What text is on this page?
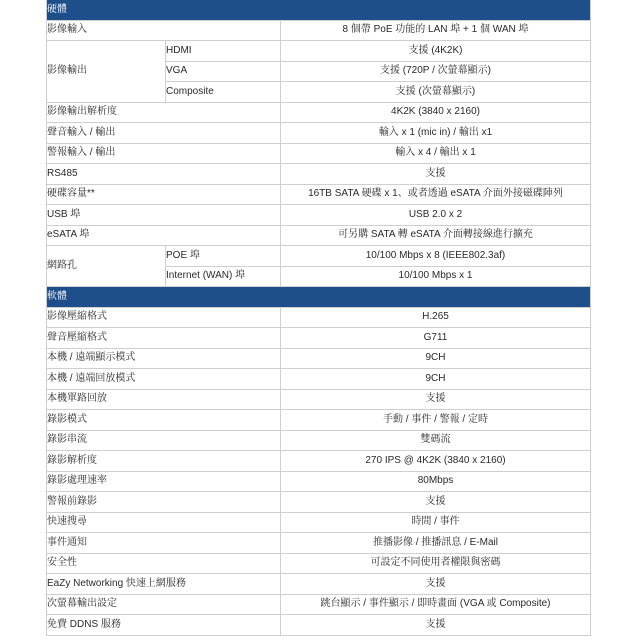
硬體		
影像輸入		8 個帶 PoE 功能的 LAN 埠 + 1 個 WAN 埠
影像輸出	HDMI	支援 (4K2K)
	VGA	支援 (720P / 次螢幕顯示)
	Composite	支援 (次螢幕顯示)
影像輸出解析度		4K2K (3840 x 2160)
聲音輸入 / 輸出		輸入 x 1 (mic in) / 輸出 x1
警報輸入 / 輸出		輸入 x 4 / 輸出 x 1
RS485		支援
硬碟容量**		16TB SATA 硬碟 x 1、或者透過 eSATA 介面外接磁碟陣列
USB 埠		USB 2.0 x 2
eSATA 埠		可另購 SATA 轉 eSATA 介面轉接線進行擴充
網路孔	POE 埠	10/100 Mbps x 8 (IEEE802.3af)
	Internet (WAN) 埠	10/100 Mbps x 1
軟體		
影像壓縮格式		H.265
聲音壓縮格式		G711
本機 / 遠端顯示模式		9CH
本機 / 遠端回放模式		9CH
本機單路回放		支援
錄影模式		手動 / 事件 / 警報 / 定時
錄影串流		雙碼流
錄影解析度		270 IPS @ 4K2K (3840 x 2160)
錄影處理速率		80Mbps
警報前錄影		支援
快速搜尋		時間 / 事件
事件通知		推播影像 / 推播訊息 / E-Mail
安全性		可設定不同使用者權限與密碼
EaZy Networking 快速上網服務		支援
次螢幕輸出設定		跳台顯示 / 事件顯示 / 即時畫面 (VGA 或 Composite)
免費 DDNS 服務		支援
